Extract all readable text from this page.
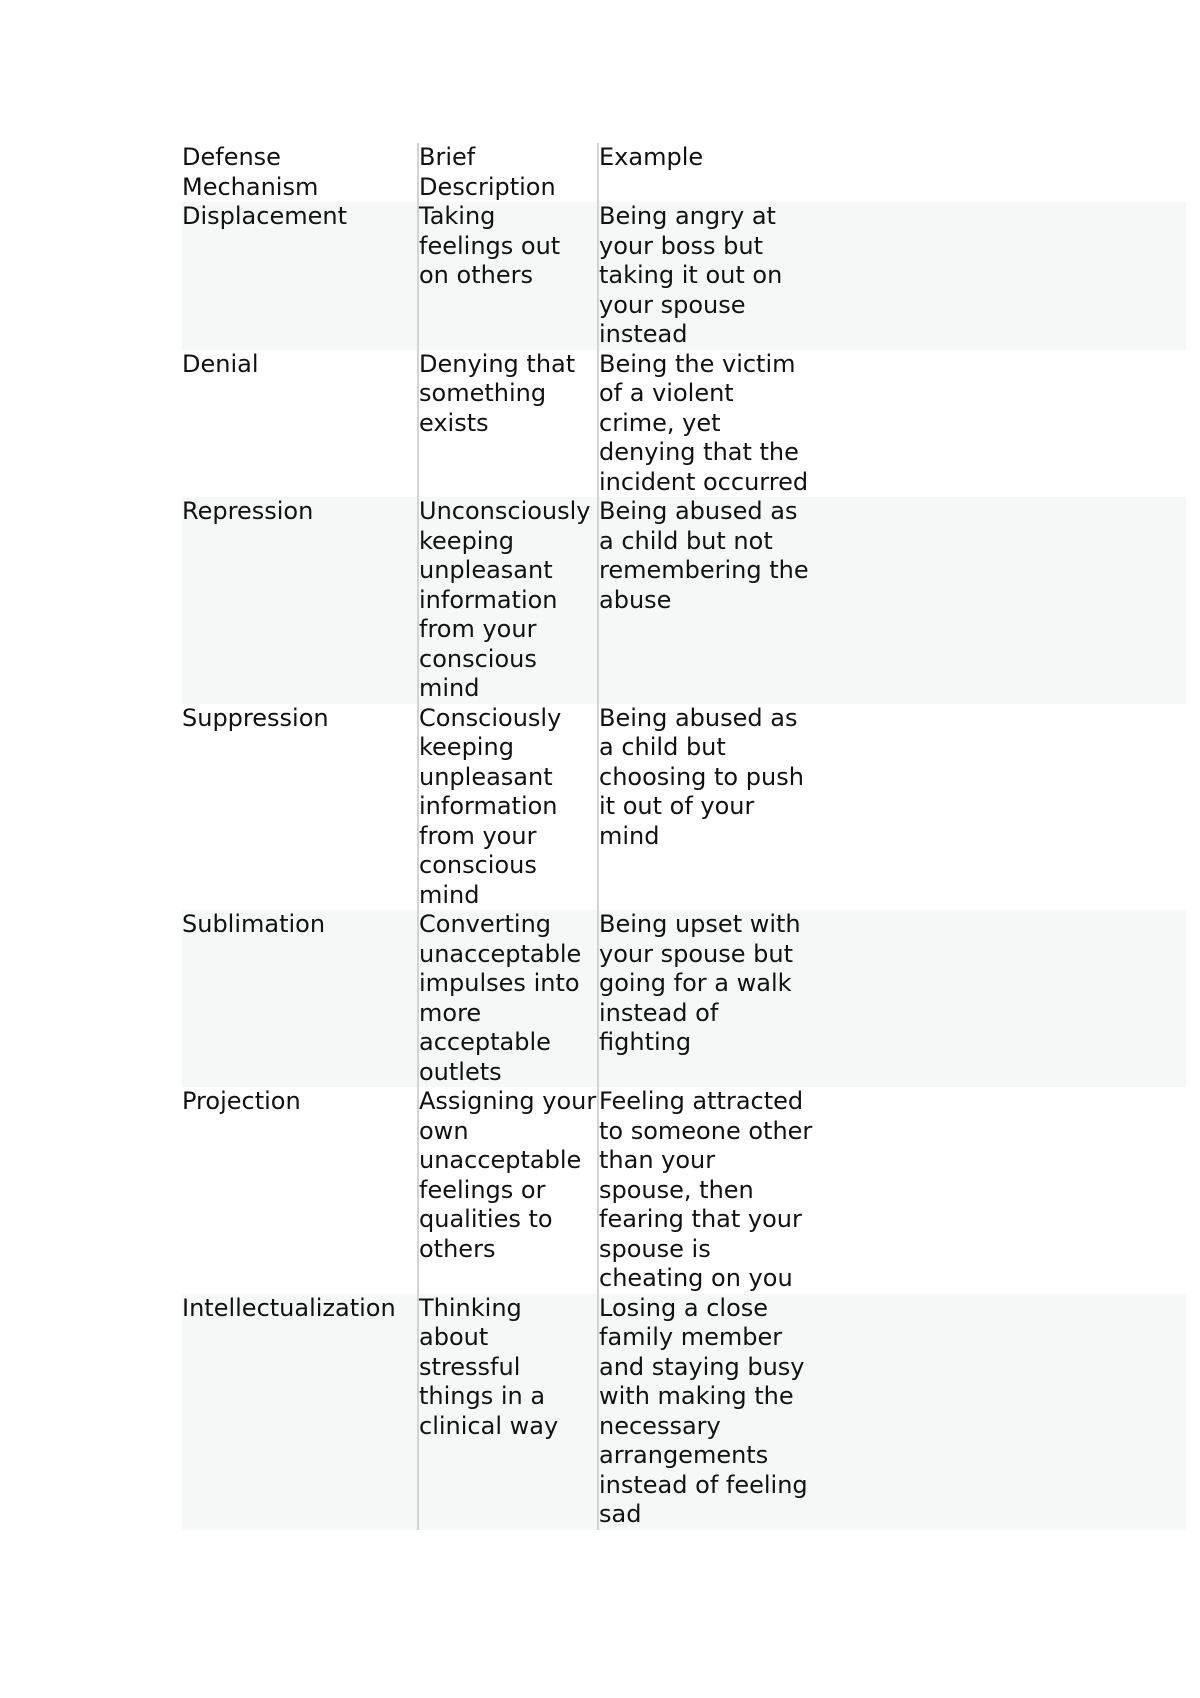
Defense Mechanism	Brief Description	Example	
Displacement	Taking feelings out on others	Being angry at your boss but taking it out on your spouse instead	
Denial	Denying that something exists	Being the victim of a violent crime, yet denying that the incident occurred	
Repression	Unconsciously keeping unpleasant information from your conscious mind	Being abused as a child but not remembering the abuse	
Suppression	Consciously keeping unpleasant information from your conscious mind	Being abused as a child but choosing to push it out of your mind	
Sublimation	Converting unacceptable impulses into more acceptable outlets	Being upset with your spouse but going for a walk instead of fighting	
Projection	Assigning your own unacceptable feelings or qualities to others	Feeling attracted to someone other than your spouse, then fearing that your spouse is cheating on you	
Intellectualization	Thinking about stressful things in a clinical way	Losing a close family member and staying busy with making the necessary arrangements instead of feeling sad	
